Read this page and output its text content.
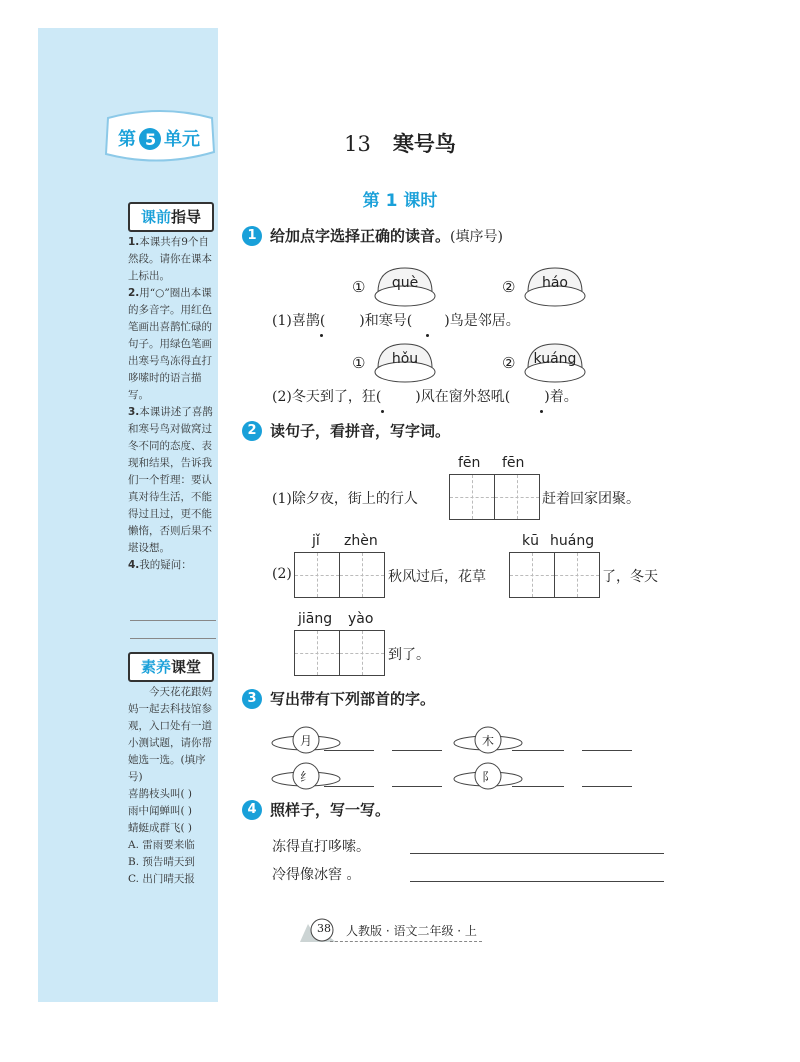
第 5 单元
课前指导
1.本课共有9个自然段。请你在课本上标出。
2.用“○”圈出本课的多音字。用红色笔画出喜鹊忙碌的句子。用绿色笔画出寒号鸟冻得直打哆嗦时的语言描写。
3.本课讲述了喜鹊和寒号鸟对做窝过冬不同的态度、表现和结果，告诉我们一个哲理：要认真对待生活，不能得过且过，更不能懒惰，否则后果不堪设想。
4.我的疑问：
素养课堂
今天花花跟妈妈一起去科技馆参观，入口处有一道小测试题，请你帮她选一选。(填序号)
喜鹊枝头叫( )
雨中闻蝉叫( )
蜻蜓成群飞( )
A. 雷雨要来临
B. 预告晴天到
C. 出门晴天报
13 寒号鸟
第 1 课时
1 给加点字选择正确的读音。(填序号)
①	què	②	háo
(1)喜鹊( )和寒号( )鸟是邻居。
①	hǒu	②	kuáng
(2)冬天到了，狂( )风在窗外怒吼( )着。
2 读句子，看拼音，写字词。
fēn fēn
(1)除夕夜，街上的行人	赶着回家团聚。
jǐ zhèn
(2)	秋风过后，花草
kū huáng
了，冬天
jiāng yào
到了。
3 写出带有下列部首的字。
月	木
纟	阝
4 照样子，写一写。
冻得直打哆嗦。
冷得像冰窖 。
38	人教版 · 语文二年级 · 上
